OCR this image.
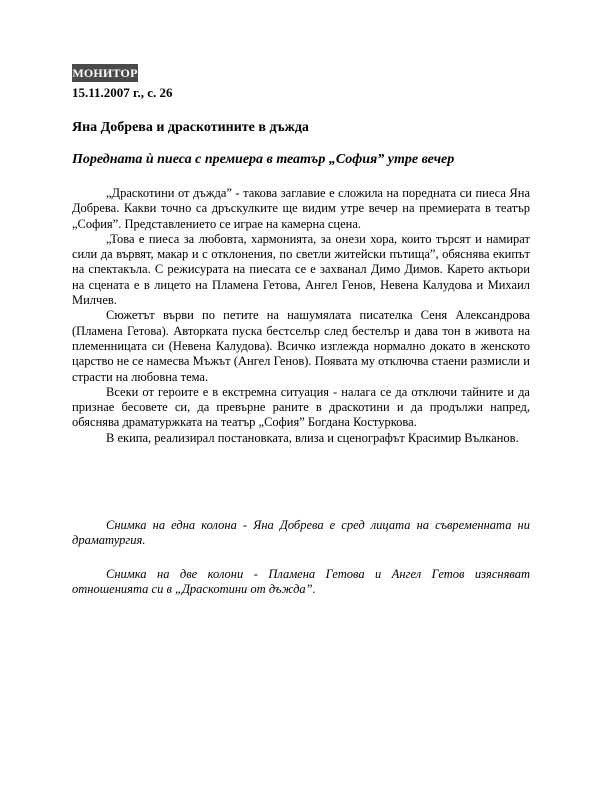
МОНИТОР
15.11.2007 г., с. 26
Яна Добрева и драскотините в дъжда
Поредната ѝ пиеса с премиера в театър „София” утре вечер

„Драскотини от дъжда” - такова заглавие е сложила на поредната си пиеса Яна Добрева. Какви точно са дръскулките ще видим утре вечер на премиерата в театър „София”. Представлението се играе на камерна сцена.

„Това е пиеса за любовта, хармонията, за онези хора, които търсят и намират сили да вървят, макар и с отклонения, по светли житейски пътища”, обяснява екипът на спектакъла. С режисурата на пиесата се е захванал Димо Димов. Карето актьори на сцената е в лицето на Пламена Гетова, Ангел Генов, Невена Калудова и Михаил Милчев.

Сюжетът върви по петите на нашумялата писателка Сеня Александрова (Пламена Гетова). Авторката пуска бестселър след бестелър и дава тон в живота на племенницата си (Невена Калудова). Всичко изглежда нормално докато в женското царство не се намесва Мъжът (Ангел Генов). Появата му отключва стаени размисли и страсти на любовна тема.

Всеки от героите е в екстремна ситуация - налага се да отключи тайните и да признае бесовете си, да превърне раните в драскотини и да продължи напред, обяснява драматуржката на театър „София” Богдана Костуркова.

В екипа, реализирал постановката, влиза и сценографът Красимир Вълканов.

Снимка на една колона - Яна Добрева е сред лицата на съвременната ни драматургия.

Снимка на две колони - Пламена Гетова и Ангел Гетов изясняват отношенията си в „Драскотини от дъжда”.
